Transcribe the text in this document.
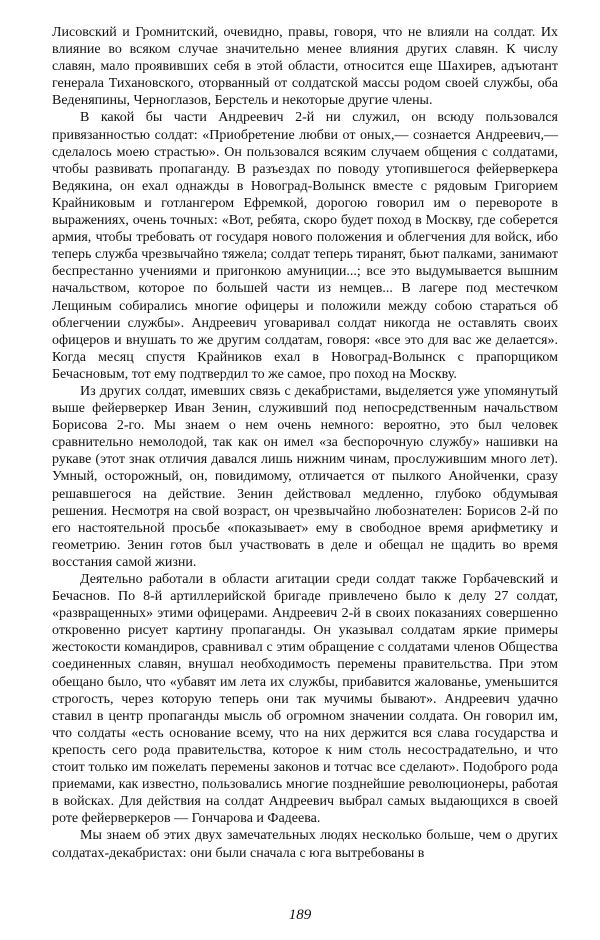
Лисовский и Громнитский, очевидно, правы, говоря, что не влияли на солдат. Их влияние во всяком случае значительно менее влияния других славян. К числу славян, мало проявивших себя в этой области, относится еще Шахирев, адъютант генерала Тихановского, оторванный от солдатской массы родом своей службы, оба Веденяпины, Черноглазов, Берстель и некоторые другие члены.

В какой бы части Андреевич 2-й ни служил, он всюду пользовался привязанностью солдат: «Приобретение любви от оных,— сознается Андреевич,— сделалось моею страстью». Он пользовался всяким случаем общения с солдатами, чтобы развивать пропаганду. В разъездах по поводу утопившегося фейерверкера Ведякина, он ехал однажды в Новоград-Волынск вместе с рядовым Григорием Крайниковым и готлангером Ефремкой, дорогою говорил им о перевороте в выражениях, очень точных: «Вот, ребята, скоро будет поход в Москву, где соберется армия, чтобы требовать от государя нового положения и облегчения для войск, ибо теперь служба чрезвычайно тяжела; солдат теперь тиранят, бьют палками, занимают беспрестанно учениями и пригонкою амуниции...; все это выдумывается вышним начальством, которое по большей части из немцев... В лагере под местечком Лещиным собирались многие офицеры и положили между собою стараться об облегчении службы». Андреевич уговаривал солдат никогда не оставлять своих офицеров и внушать то же другим солдатам, говоря: «все это для вас же делается». Когда месяц спустя Крайников ехал в Новоград-Волынск с прапорщиком Бечасновым, тот ему подтвердил то же самое, про поход на Москву.

Из других солдат, имевших связь с декабристами, выделяется уже упомянутый выше фейерверкер Иван Зенин, служивший под непосредственным начальством Борисова 2-го. Мы знаем о нем очень немного: вероятно, это был человек сравнительно немолодой, так как он имел «за беспорочную службу» нашивки на рукаве (этот знак отличия давался лишь нижним чинам, прослужившим много лет). Умный, осторожный, он, повидимому, отличается от пылкого Анойченки, сразу решавшегося на действие. Зенин действовал медленно, глубоко обдумывая решения. Несмотря на свой возраст, он чрезвычайно любознателен: Борисов 2-й по его настоятельной просьбе «показывает» ему в свободное время арифметику и геометрию. Зенин готов был участвовать в деле и обещал не щадить во время восстания самой жизни.

Деятельно работали в области агитации среди солдат также Горбачевский и Бечаснов. По 8-й артиллерийской бригаде привлечено было к делу 27 солдат, «развращенных» этими офицерами. Андреевич 2-й в своих показаниях совершенно откровенно рисует картину пропаганды. Он указывал солдатам яркие примеры жестокости командиров, сравнивал с этим обращение с солдатами членов Общества соединенных славян, внушал необходимость перемены правительства. При этом обещано было, что «убавят им лета их службы, прибавится жалованье, уменьшится строгость, через которую теперь они так мучимы бывают». Андреевич удачно ставил в центр пропаганды мысль об огромном значении солдата. Он говорил им, что солдаты «есть основание всему, что на них держится вся слава государства и крепость сего рода правительства, которое к ним столь несострадательно, и что стоит только им пожелать перемены законов и тотчас все сделают». Подоброго рода приемами, как известно, пользовались многие позднейшие революционеры, работая в войсках. Для действия на солдат Андреевич выбрал самых выдающихся в своей роте фейерверкеров — Гончарова и Фадеева.

Мы знаем об этих двух замечательных людях несколько больше, чем о других солдатах-декабристах: они были сначала с юга вытребованы в

189
